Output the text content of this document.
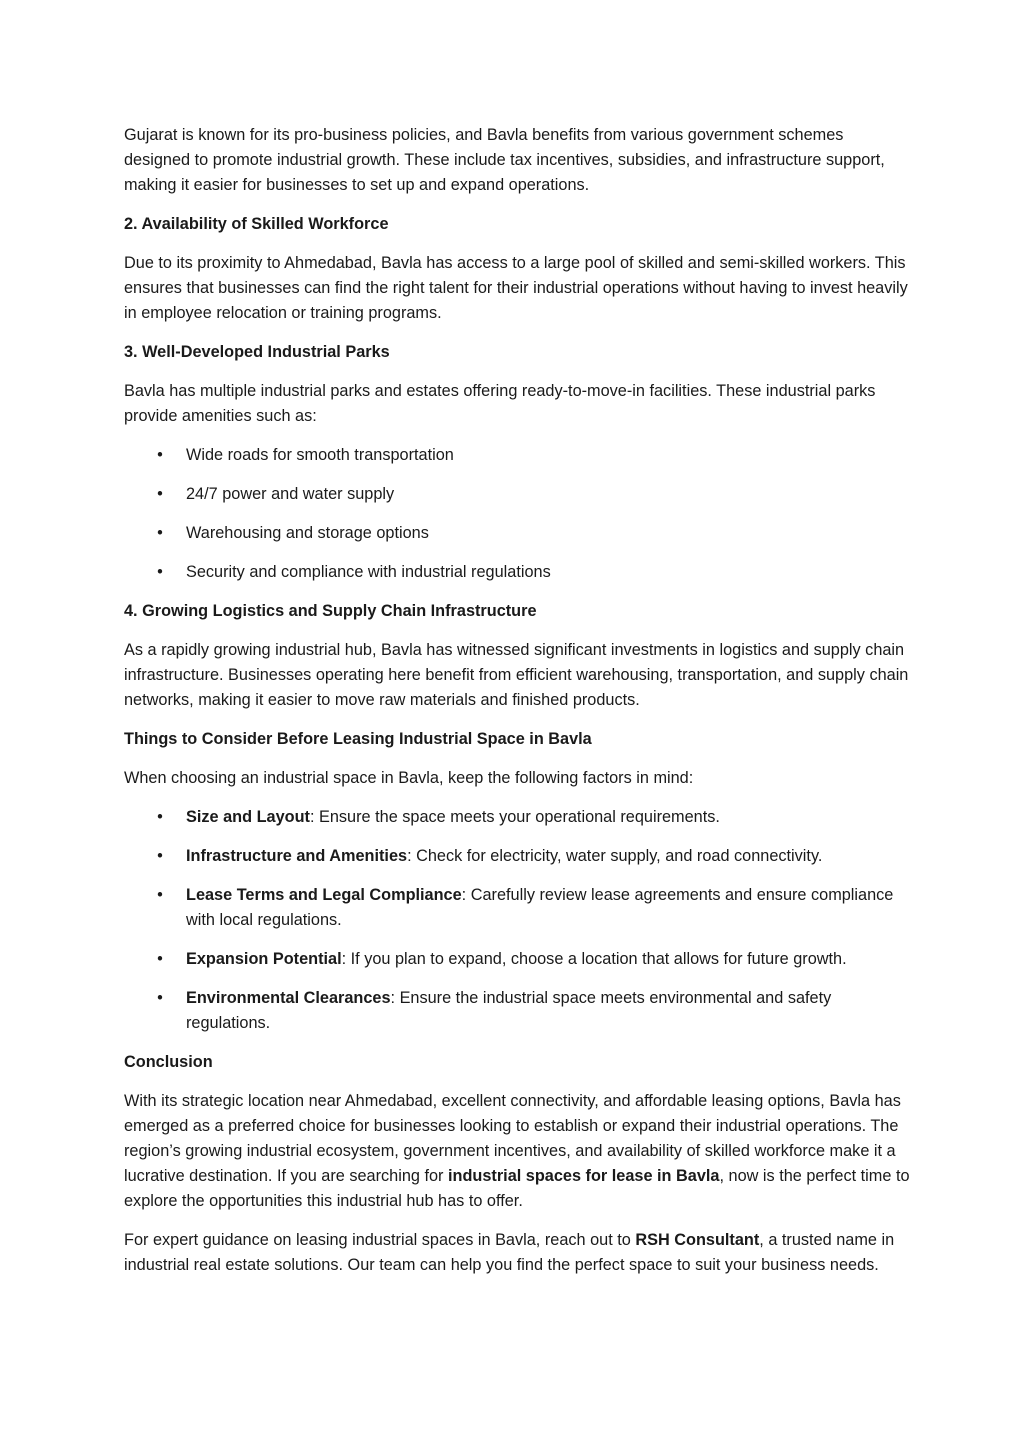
Gujarat is known for its pro-business policies, and Bavla benefits from various government schemes designed to promote industrial growth. These include tax incentives, subsidies, and infrastructure support, making it easier for businesses to set up and expand operations.

2. Availability of Skilled Workforce

Due to its proximity to Ahmedabad, Bavla has access to a large pool of skilled and semi-skilled workers. This ensures that businesses can find the right talent for their industrial operations without having to invest heavily in employee relocation or training programs.

3. Well-Developed Industrial Parks

Bavla has multiple industrial parks and estates offering ready-to-move-in facilities. These industrial parks provide amenities such as:

• Wide roads for smooth transportation
• 24/7 power and water supply
• Warehousing and storage options
• Security and compliance with industrial regulations
4. Growing Logistics and Supply Chain Infrastructure

As a rapidly growing industrial hub, Bavla has witnessed significant investments in logistics and supply chain infrastructure. Businesses operating here benefit from efficient warehousing, transportation, and supply chain networks, making it easier to move raw materials and finished products.

Things to Consider Before Leasing Industrial Space in Bavla

When choosing an industrial space in Bavla, keep the following factors in mind:

• Size and Layout: Ensure the space meets your operational requirements.
• Infrastructure and Amenities: Check for electricity, water supply, and road connectivity.
• Lease Terms and Legal Compliance: Carefully review lease agreements and ensure compliance with local regulations.
• Expansion Potential: If you plan to expand, choose a location that allows for future growth.
• Environmental Clearances: Ensure the industrial space meets environmental and safety regulations.
Conclusion

With its strategic location near Ahmedabad, excellent connectivity, and affordable leasing options, Bavla has emerged as a preferred choice for businesses looking to establish or expand their industrial operations. The region’s growing industrial ecosystem, government incentives, and availability of skilled workforce make it a lucrative destination. If you are searching for industrial spaces for lease in Bavla, now is the perfect time to explore the opportunities this industrial hub has to offer.

For expert guidance on leasing industrial spaces in Bavla, reach out to RSH Consultant, a trusted name in industrial real estate solutions. Our team can help you find the perfect space to suit your business needs.
